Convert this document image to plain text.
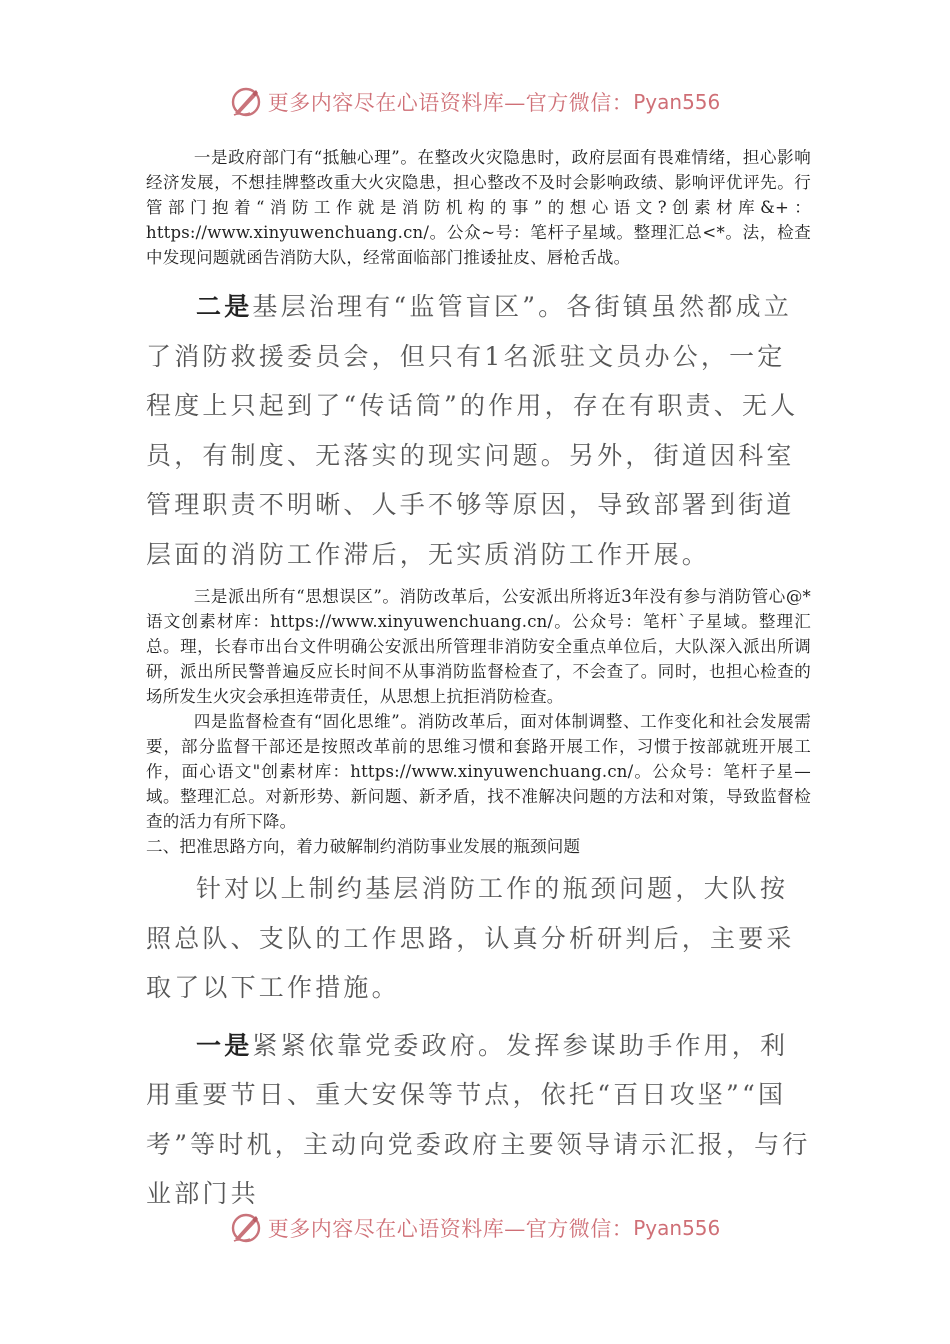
更多内容尽在心语资料库—官方微信： Pyan556

一是政府部门有“抵触心理”。在整改火灾隐患时，政府层面有畏难情绪，担心影响经济发展，不想挂牌整改重大火灾隐患，担心整改不及时会影响政绩、影响评优评先。行管部门抱着“消防工作就是消防机构的事”的想心语文?创素材库&+：https://www.xinyuwenchuang.cn/。公众~号：笔杆子星域。整理汇总<*。法，检查中发现问题就函告消防大队，经常面临部门推诿扯皮、唇枪舌战。

二是基层治理有“监管盲区”。各街镇虽然都成立了消防救援委员会，但只有1名派驻文员办公，一定程度上只起到了“传话筒”的作用，存在有职责、无人员，有制度、无落实的现实问题。另外，街道因科室管理职责不明晰、人手不够等原因，导致部署到街道层面的消防工作滞后，无实质消防工作开展。

三是派出所有“思想误区”。消防改革后，公安派出所将近3年没有参与消防管心@*语文创素材库：https://www.xinyuwenchuang.cn/。公众号：笔杆`子星域。整理汇总。理，长春市出台文件明确公安派出所管理非消防安全重点单位后，大队深入派出所调研，派出所民警普遍反应长时间不从事消防监督检查了，不会查了。同时，也担心检查的场所发生火灾会承担连带责任，从思想上抗拒消防检查。

四是监督检查有“固化思维”。消防改革后，面对体制调整、工作变化和社会发展需要，部分监督干部还是按照改革前的思维习惯和套路开展工作，习惯于按部就班开展工作，面心语文"创素材库：https://www.xinyuwenchuang.cn/。公众号：笔杆子星—域。整理汇总。对新形势、新问题、新矛盾，找不准解决问题的方法和对策，导致监督检查的活力有所下降。

二、把准思路方向，着力破解制约消防事业发展的瓶颈问题

针对以上制约基层消防工作的瓶颈问题，大队按照总队、支队的工作思路，认真分析研判后，主要采取了以下工作措施。

一是紧紧依靠党委政府。发挥参谋助手作用，利用重要节日、重大安保等节点，依托“百日攻坚”“国考”等时机，主动向党委政府主要领导请示汇报，与行业部门共

更多内容尽在心语资料库—官方微信： Pyan556
